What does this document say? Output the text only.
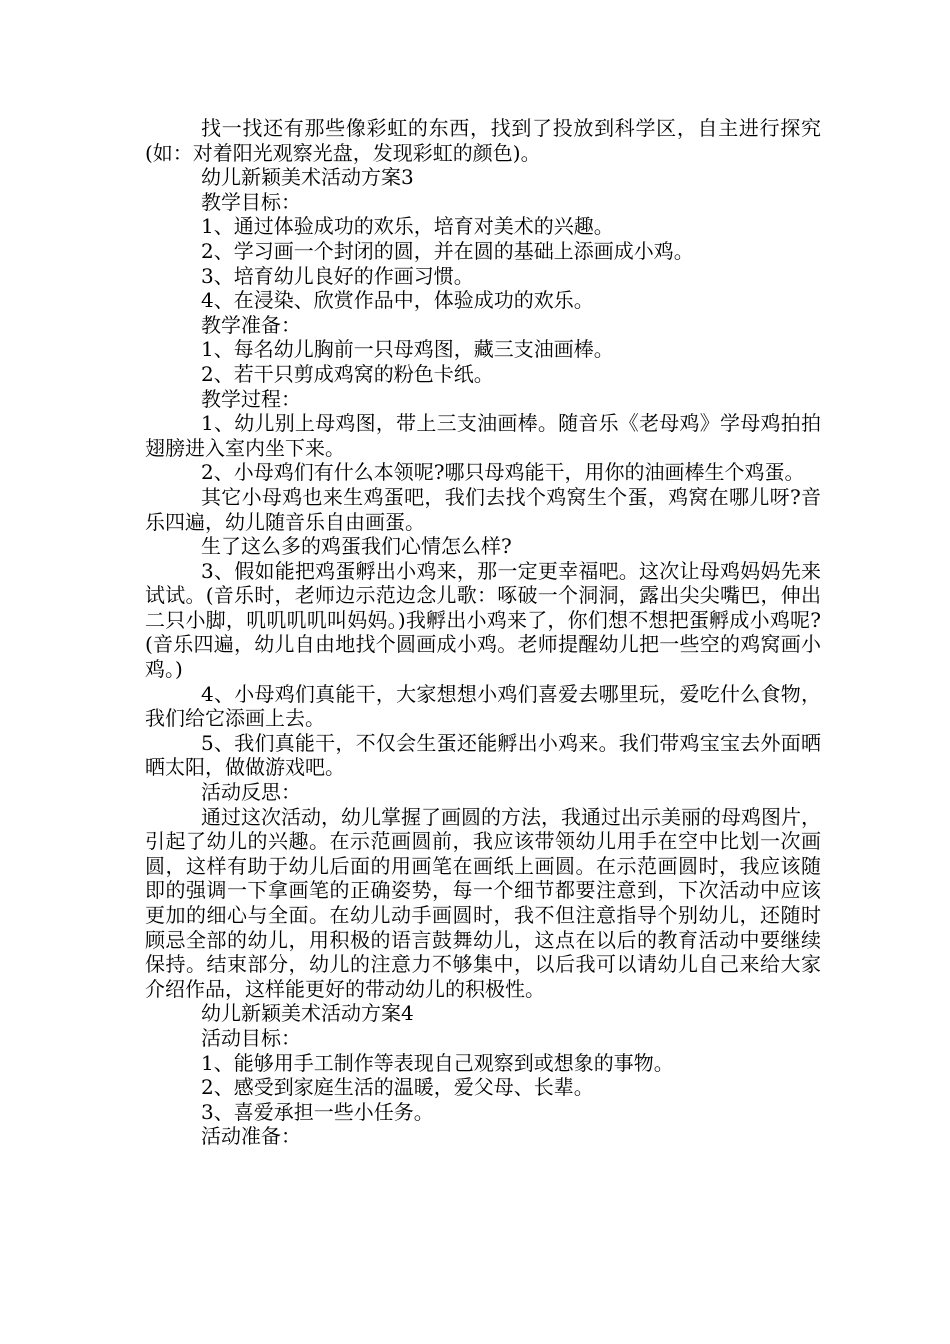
找一找还有那些像彩虹的东西，找到了投放到科学区，自主进行探究(如：对着阳光观察光盘，发现彩虹的颜色)。

幼儿新颖美术活动方案3

教学目标：

1、通过体验成功的欢乐，培育对美术的兴趣。

2、学习画一个封闭的圆，并在圆的基础上添画成小鸡。

3、培育幼儿良好的作画习惯。

4、在浸染、欣赏作品中，体验成功的欢乐。

教学准备：

1、每名幼儿胸前一只母鸡图，藏三支油画棒。

2、若干只剪成鸡窝的粉色卡纸。

教学过程：

1、幼儿别上母鸡图，带上三支油画棒。随音乐《老母鸡》学母鸡拍拍翅膀进入室内坐下来。

2、小母鸡们有什么本领呢?哪只母鸡能干，用你的油画棒生个鸡蛋。

其它小母鸡也来生鸡蛋吧，我们去找个鸡窝生个蛋，鸡窝在哪儿呀?音乐四遍，幼儿随音乐自由画蛋。

生了这么多的鸡蛋我们心情怎么样?

3、假如能把鸡蛋孵出小鸡来，那一定更幸福吧。这次让母鸡妈妈先来试试。(音乐时，老师边示范边念儿歌：啄破一个洞洞，露出尖尖嘴巴，伸出二只小脚，叽叽叽叽叫妈妈。)我孵出小鸡来了，你们想不想把蛋孵成小鸡呢?(音乐四遍，幼儿自由地找个圆画成小鸡。老师提醒幼儿把一些空的鸡窝画小鸡。)

4、小母鸡们真能干，大家想想小鸡们喜爱去哪里玩，爱吃什么食物，我们给它添画上去。

5、我们真能干，不仅会生蛋还能孵出小鸡来。我们带鸡宝宝去外面晒晒太阳，做做游戏吧。

活动反思：

通过这次活动，幼儿掌握了画圆的方法，我通过出示美丽的母鸡图片，引起了幼儿的兴趣。在示范画圆前，我应该带领幼儿用手在空中比划一次画圆，这样有助于幼儿后面的用画笔在画纸上画圆。在示范画圆时，我应该随即的强调一下拿画笔的正确姿势，每一个细节都要注意到，下次活动中应该更加的细心与全面。在幼儿动手画圆时，我不但注意指导个别幼儿，还随时顾忌全部的幼儿，用积极的语言鼓舞幼儿，这点在以后的教育活动中要继续保持。结束部分，幼儿的注意力不够集中，以后我可以请幼儿自己来给大家介绍作品，这样能更好的带动幼儿的积极性。

幼儿新颖美术活动方案4

活动目标：

1、能够用手工制作等表现自己观察到或想象的事物。

2、感受到家庭生活的温暖，爱父母、长辈。

3、喜爱承担一些小任务。

活动准备：
